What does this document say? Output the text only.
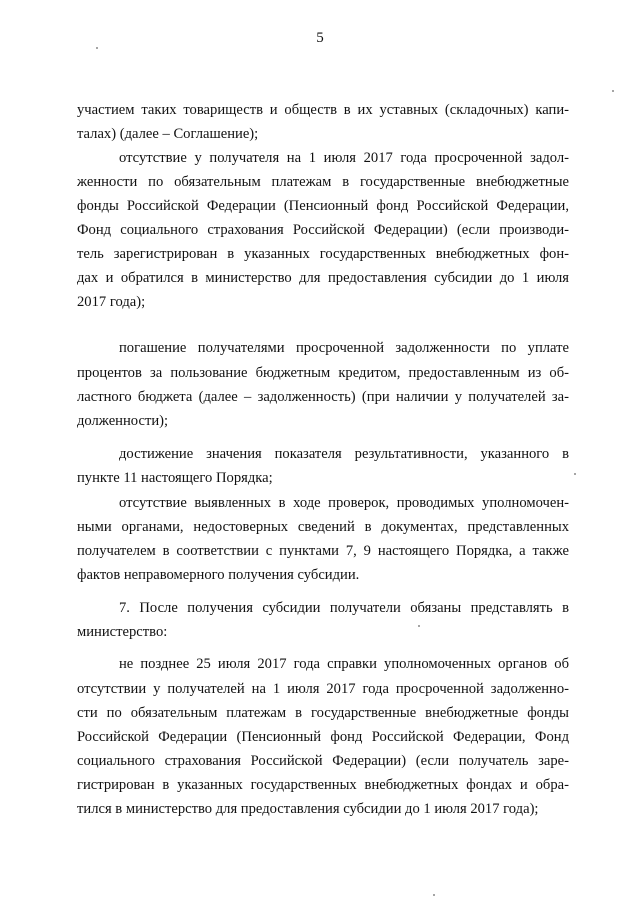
5
участием таких товариществ и обществ в их уставных (складочных) капи-
талах) (далее – Соглашение);
отсутствие у получателя на 1 июля 2017 года просроченной задол-
женности по обязательным платежам в государственные внебюджетные
фонды Российской Федерации (Пенсионный фонд Российской Федерации,
Фонд социального страхования Российской Федерации) (если производи-
тель зарегистрирован в указанных государственных внебюджетных фон-
дах и обратился в министерство для предоставления субсидии до 1 июля
2017 года);
погашение получателями просроченной задолженности по уплате
процентов за пользование бюджетным кредитом, предоставленным из об-
ластного бюджета (далее – задолженность) (при наличии у получателей за-
долженности);
достижение значения показателя результативности, указанного в
пункте 11 настоящего Порядка;
отсутствие выявленных в ходе проверок, проводимых уполномочен-
ными органами, недостоверных сведений в документах, представленных
получателем в соответствии с пунктами 7, 9 настоящего Порядка, а также
фактов неправомерного получения субсидии.
7. После получения субсидии получатели обязаны представлять в
министерство:
не позднее 25 июля 2017 года справки уполномоченных органов об
отсутствии у получателей на 1 июля 2017 года просроченной задолженно-
сти по обязательным платежам в государственные внебюджетные фонды
Российской Федерации (Пенсионный фонд Российской Федерации, Фонд
социального страхования Российской Федерации) (если получатель заре-
гистрирован в указанных государственных внебюджетных фондах и обра-
тился в министерство для предоставления субсидии до 1 июля 2017 года);
